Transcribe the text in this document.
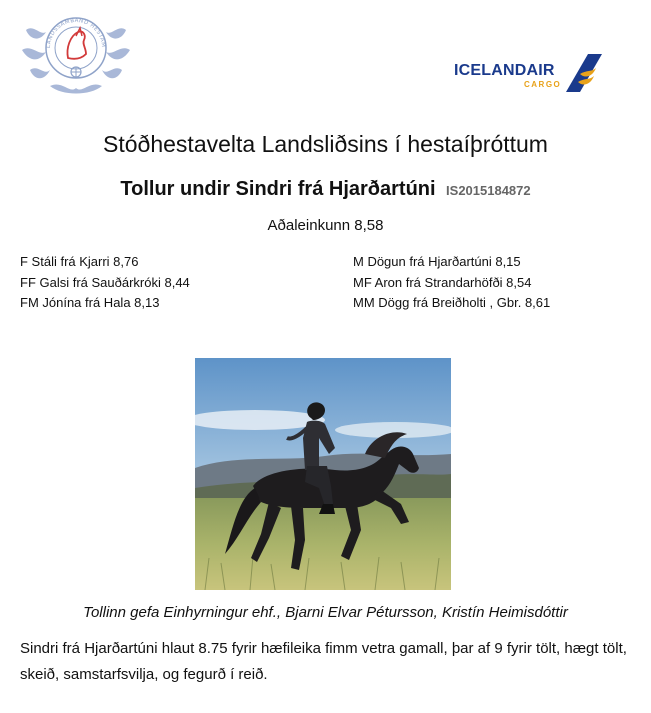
LANDSSAMBAND HESTAM
ICELANDAIR
CARGO
Stóðhestavelta Landsliðsins í hestaíþróttum
Tollur undir Sindri frá Hjarðartúni IS2015184872
Aðaleinkunn 8,58
F Stáli frá Kjarri 8,76
FF Galsi frá Sauðárkróki 8,44
FM Jónína frá Hala 8,13
M Dögun frá Hjarðartúni 8,15
MF Aron frá Strandarhöfði 8,54
MM Dögg frá Breiðholti , Gbr. 8,61
Tollinn gefa Einhyrningur ehf., Bjarni Elvar Pétursson, Kristín Heimisdóttir
Sindri frá Hjarðartúni hlaut 8.75 fyrir hæfileika fimm vetra gamall, þar af 9 fyrir tölt, hægt tölt, skeið, samstarfsvilja, og fegurð í reið.
